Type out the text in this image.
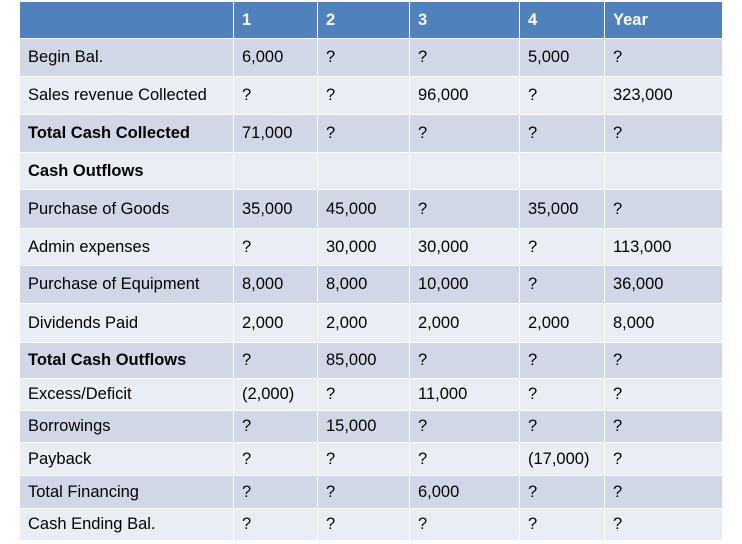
	1	2	3	4	Year
Begin Bal.	6,000	?	?	5,000	?
Sales revenue Collected	?	?	96,000	?	323,000
Total Cash Collected	71,000	?	?	?	?
Cash Outflows					
Purchase of Goods	35,000	45,000	?	35,000	?
Admin expenses	?	30,000	30,000	?	113,000
Purchase of Equipment	8,000	8,000	10,000	?	36,000
Dividends Paid	2,000	2,000	2,000	2,000	8,000
Total Cash Outflows	?	85,000	?	?	?
Excess/Deficit	(2,000)	?	11,000	?	?
Borrowings	?	15,000	?	?	?
Payback	?	?	?	(17,000)	?
Total Financing	?	?	6,000	?	?
Cash Ending Bal.	?	?	?	?	?
